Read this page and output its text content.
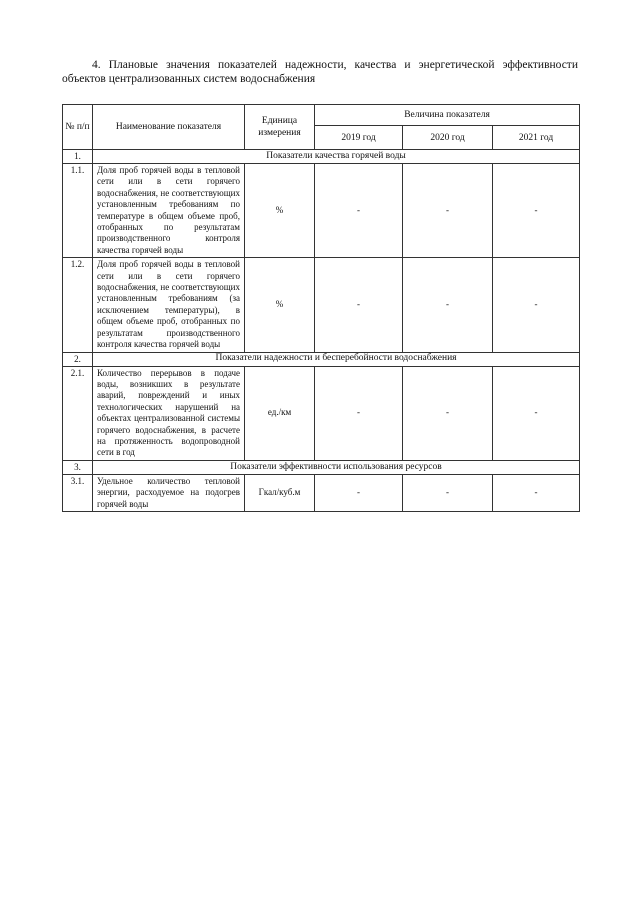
4. Плановые значения показателей надежности, качества и энергетической эффективности объектов централизованных систем водоснабжения
№ п/п	Наименование показателя	Единица измерения	Величина показателя		
			2019 год	2020 год	2021 год
1.	Показатели качества горячей воды				
1.1.	Доля проб горячей воды в тепловой сети или в сети горячего водоснабжения, не соответствующих установленным требованиям по температуре в общем объеме проб, отобранных по результатам производственного контроля качества горячей воды	%	-	-	-
1.2.	Доля проб горячей воды в тепловой сети или в сети горячего водоснабжения, не соответствующих установленным требованиям (за исключением температуры), в общем объеме проб, отобранных по результатам производственного контроля качества горячей воды	%	-	-	-
2.	Показатели надежности и бесперебойности водоснабжения				
2.1.	Количество перерывов в подаче воды, возникших в результате аварий, повреждений и иных технологических нарушений на объектах централизованной системы горячего водоснабжения, в расчете на протяженность водопроводной сети в год	ед./км	-	-	-
3.	Показатели эффективности использования ресурсов				
3.1.	Удельное количество тепловой энергии, расходуемое на подогрев горячей воды	Гкал/куб.м	-	-	-
